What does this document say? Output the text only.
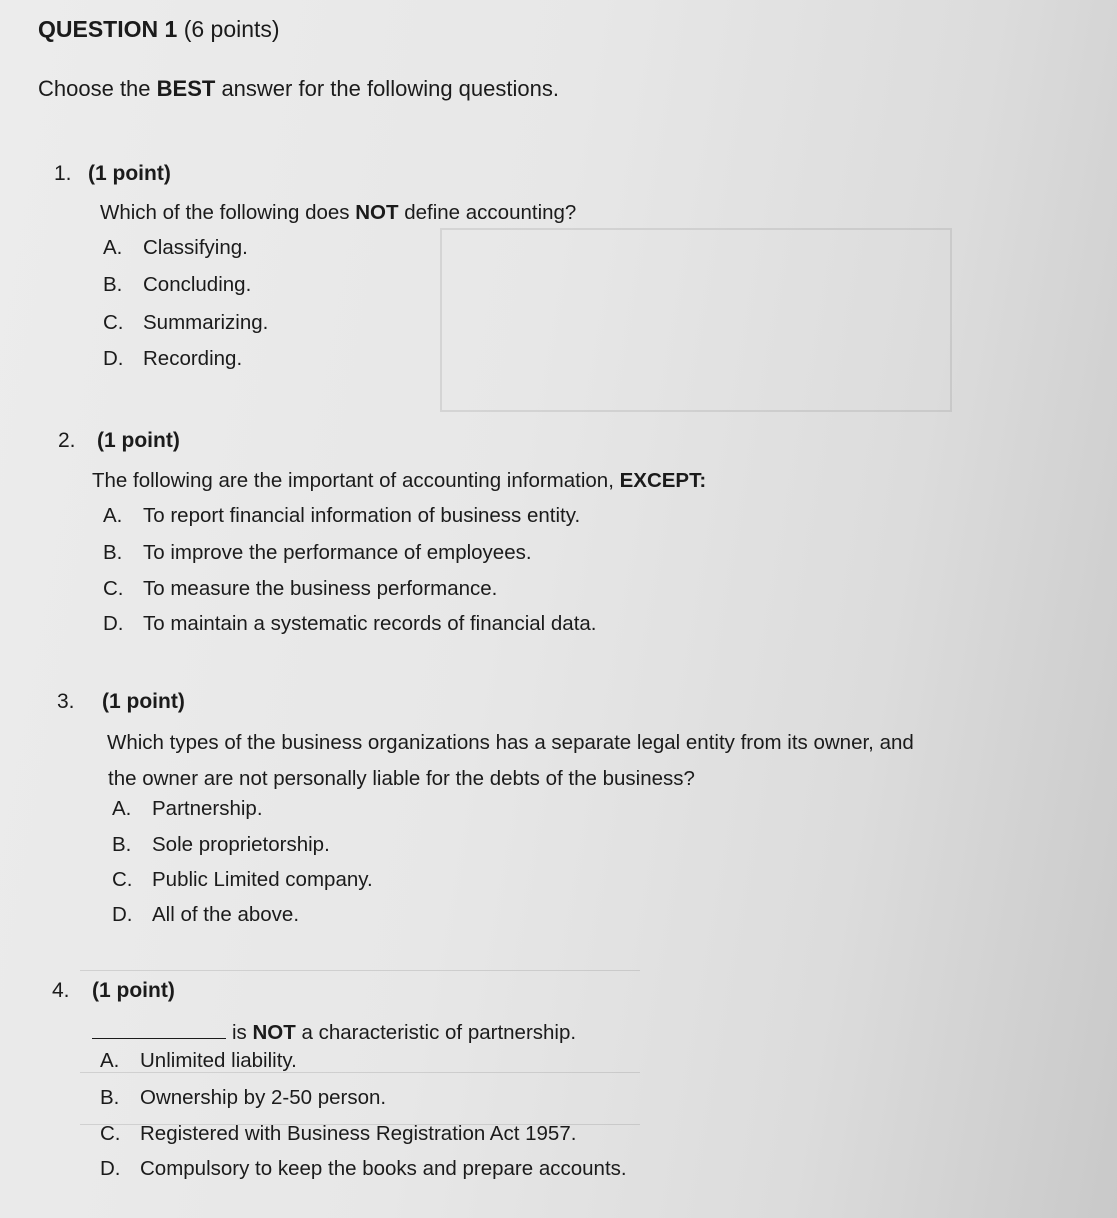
QUESTION 1 (6 points)
Choose the BEST answer for the following questions.
1. (1 point)
Which of the following does NOT define accounting?
A. Classifying.
B. Concluding.
C. Summarizing.
D. Recording.
2. (1 point)
The following are the important of accounting information, EXCEPT:
A. To report financial information of business entity.
B. To improve the performance of employees.
C. To measure the business performance.
D. To maintain a systematic records of financial data.
3. (1 point)
Which types of the business organizations has a separate legal entity from its owner, and
the owner are not personally liable for the debts of the business?
A. Partnership.
B. Sole proprietorship.
C. Public Limited company.
D. All of the above.
4. (1 point)
is NOT a characteristic of partnership.
A. Unlimited liability.
B. Ownership by 2-50 person.
C. Registered with Business Registration Act 1957.
D. Compulsory to keep the books and prepare accounts.
